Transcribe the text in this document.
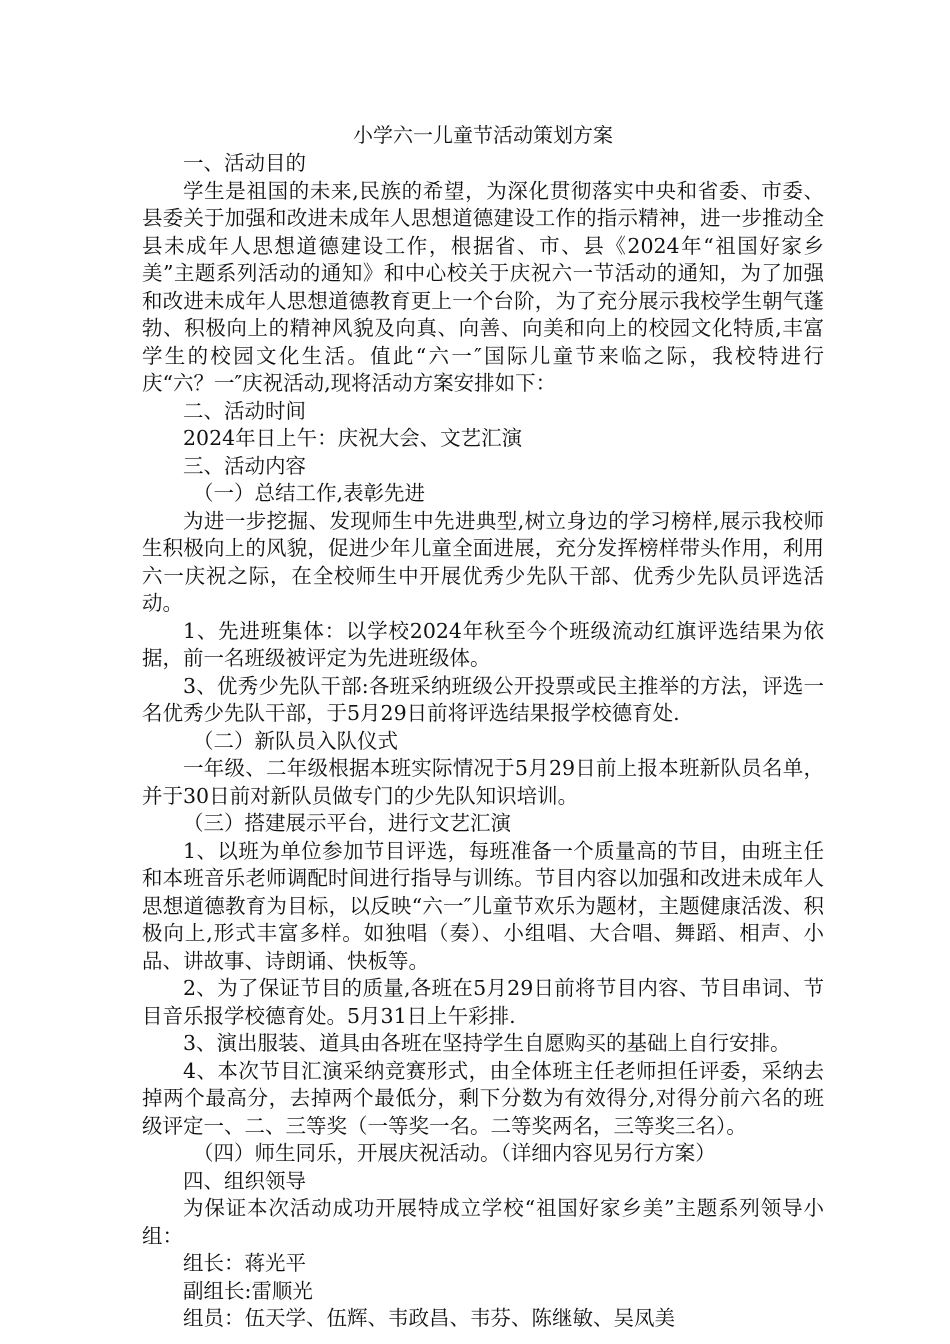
小学六一儿童节活动策划方案

一、活动目的

学生是祖国的未来,民族的希望，为深化贯彻落实中央和省委、市委、县委关于加强和改进未成年人思想道德建设工作的指示精神，进一步推动全县未成年人思想道德建设工作，根据省、市、县《2024年“祖国好家乡美”主题系列活动的通知》和中心校关于庆祝六一节活动的通知，为了加强和改进未成年人思想道德教育更上一个台阶，为了充分展示我校学生朝气蓬勃、积极向上的精神风貌及向真、向善、向美和向上的校园文化特质,丰富学生的校园文化生活。值此“六一″国际儿童节来临之际，我校特进行庆“六？一″庆祝活动,现将活动方案安排如下：

二、活动时间

2024年日上午：庆祝大会、文艺汇演

三、活动内容

（一）总结工作,表彰先进

为进一步挖掘、发现师生中先进典型,树立身边的学习榜样,展示我校师生积极向上的风貌，促进少年儿童全面进展，充分发挥榜样带头作用，利用六一庆祝之际，在全校师生中开展优秀少先队干部、优秀少先队员评选活动。

1、先进班集体：以学校2024年秋至今个班级流动红旗评选结果为依据，前一名班级被评定为先进班级体。

3、优秀少先队干部:各班采纳班级公开投票或民主推举的方法，评选一名优秀少先队干部，于5月29日前将评选结果报学校德育处.

（二）新队员入队仪式

一年级、二年级根据本班实际情况于5月29日前上报本班新队员名单，并于30日前对新队员做专门的少先队知识培训。

（三）搭建展示平台，进行文艺汇演

1、以班为单位参加节目评选，每班准备一个质量高的节目，由班主任和本班音乐老师调配时间进行指导与训练。节目内容以加强和改进未成年人思想道德教育为目标，以反映“六一″儿童节欢乐为题材，主题健康活泼、积极向上,形式丰富多样。如独唱（奏）、小组唱、大合唱、舞蹈、相声、小品、讲故事、诗朗诵、快板等。

2、为了保证节目的质量,各班在5月29日前将节目内容、节目串词、节目音乐报学校德育处。5月31日上午彩排.

3、演出服装、道具由各班在坚持学生自愿购买的基础上自行安排。

4、本次节目汇演采纳竞赛形式，由全体班主任老师担任评委，采纳去掉两个最高分，去掉两个最低分，剩下分数为有效得分,对得分前六名的班级评定一、二、三等奖（一等奖一名。二等奖两名，三等奖三名）。

（四）师生同乐，开展庆祝活动。（详细内容见另行方案）

四、组织领导

为保证本次活动成功开展特成立学校“祖国好家乡美”主题系列领导小组：

组长：蒋光平

副组长:雷顺光

组员：伍天学、伍辉、韦政昌、韦芬、陈继敏、吴凤美
